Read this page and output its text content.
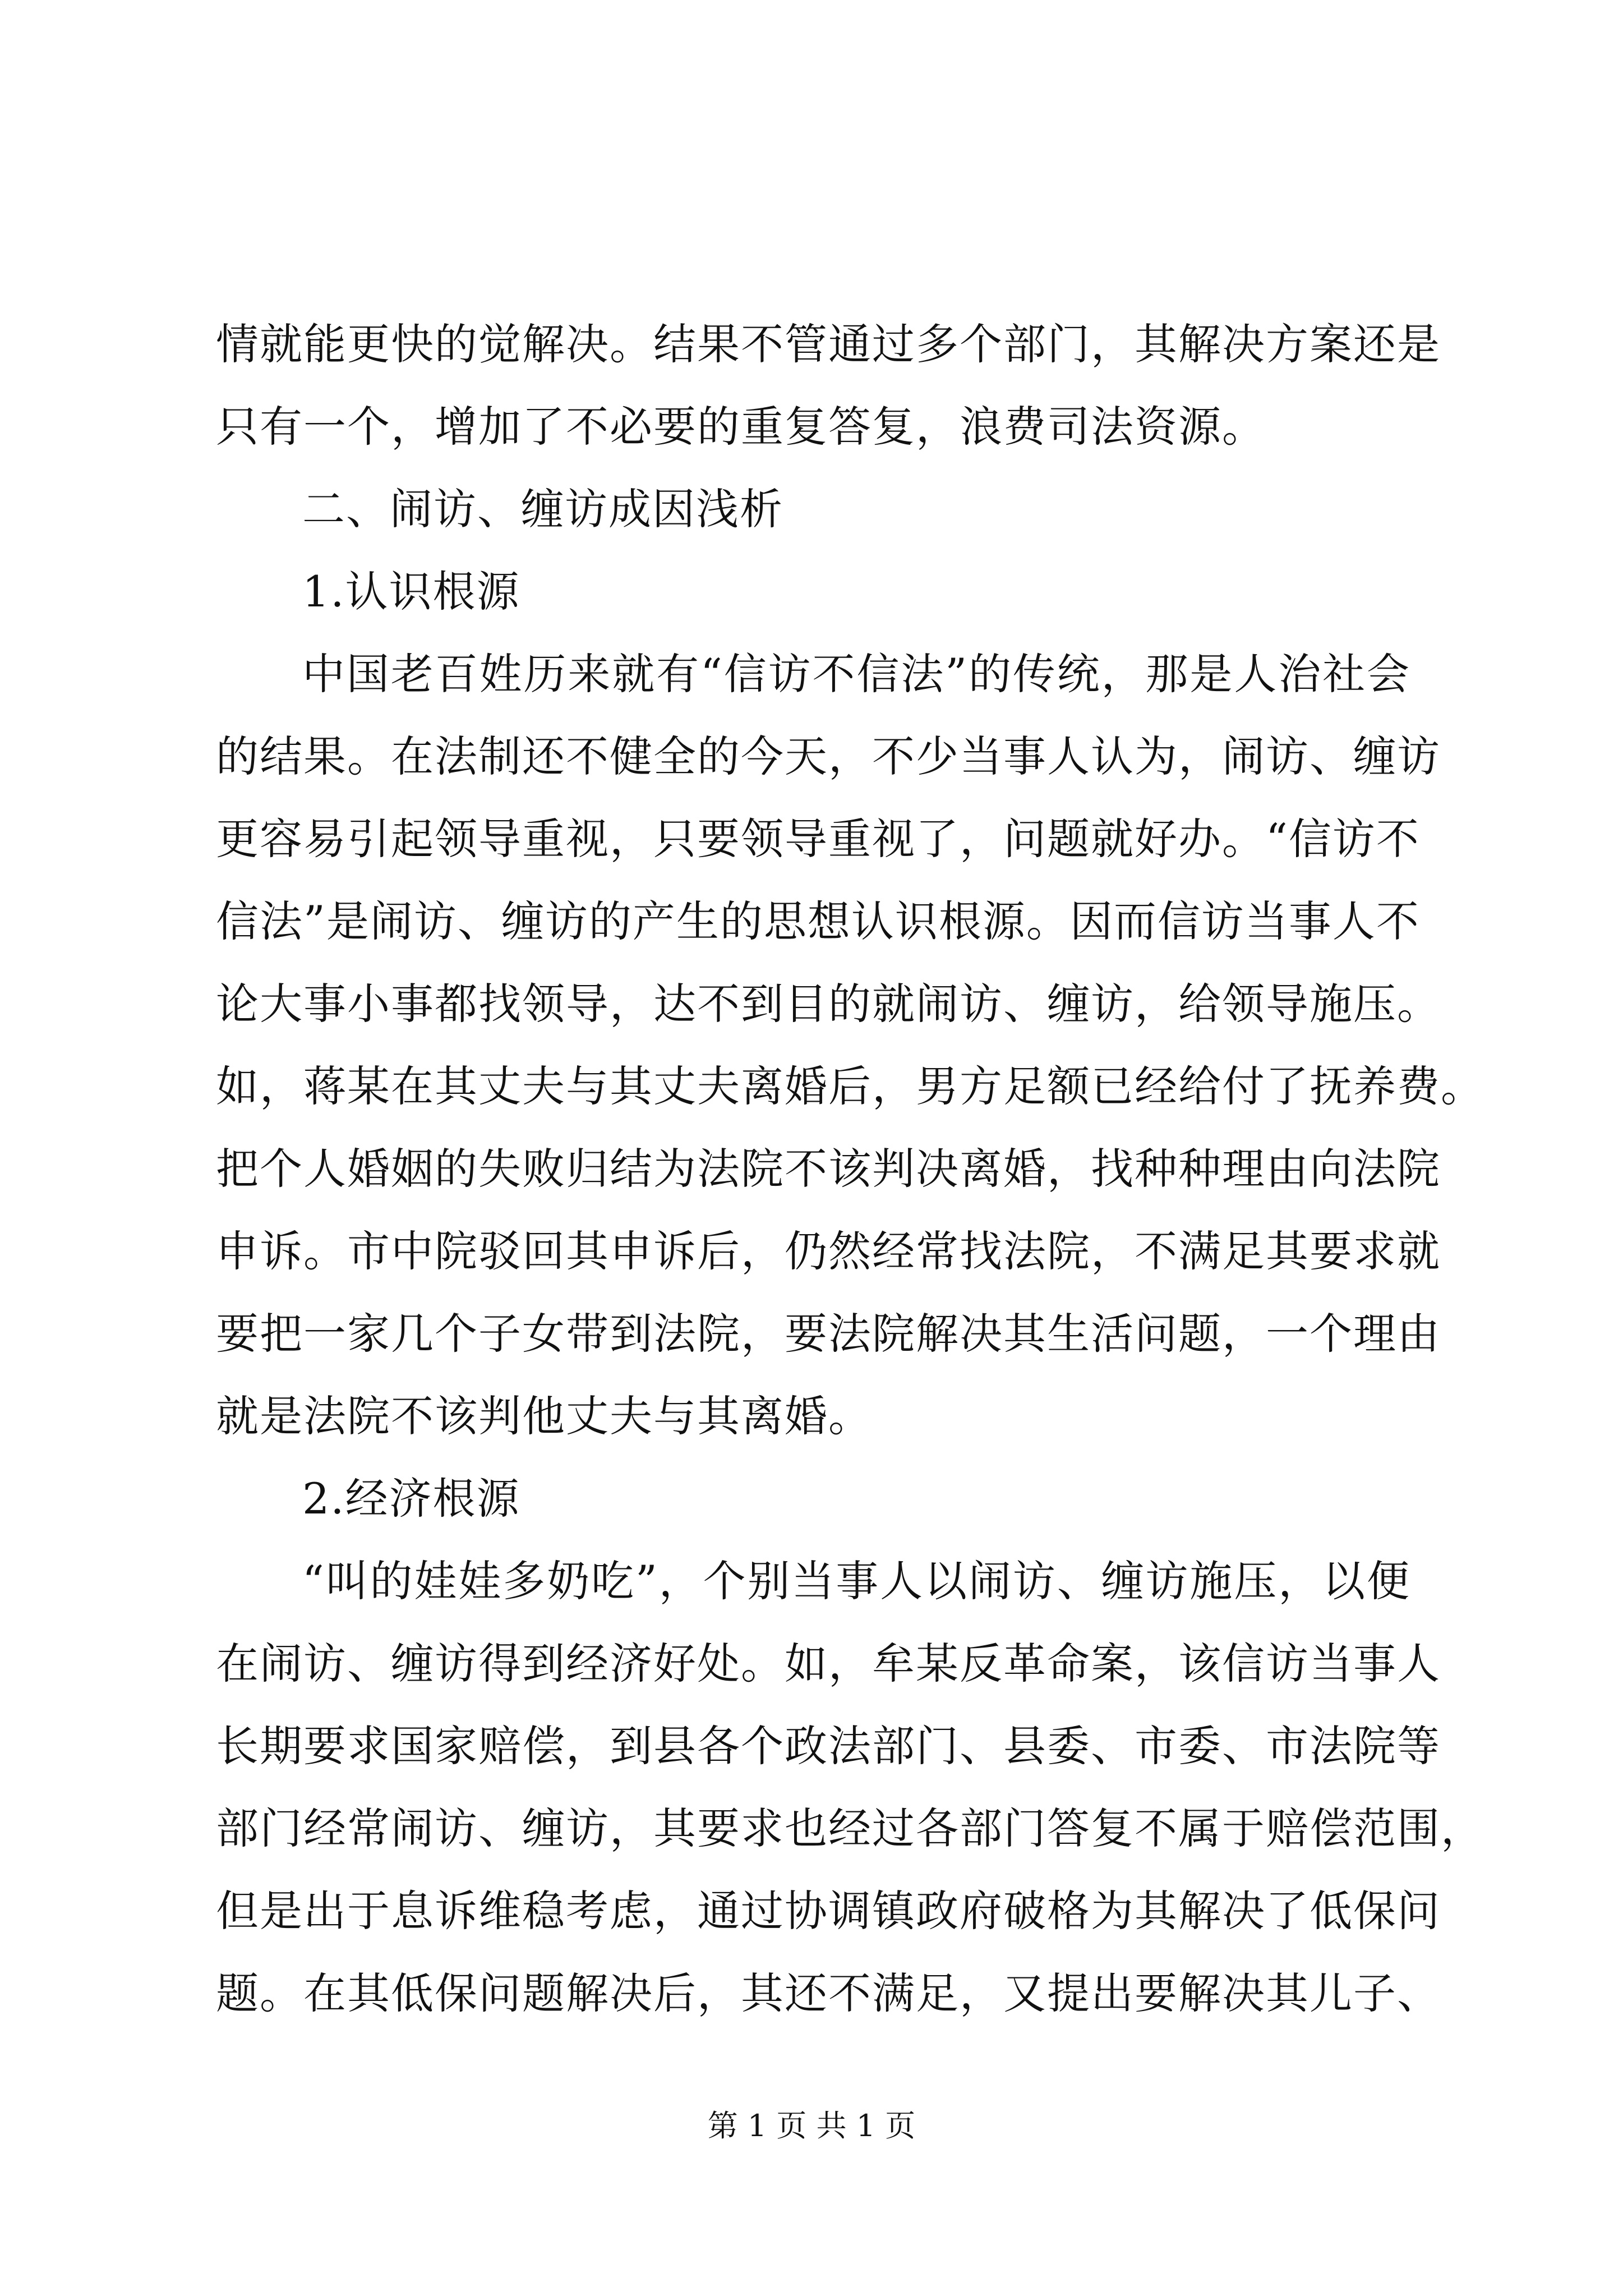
情就能更快的觉解决。结果不管通过多个部门，其解决方案还是
只有一个，增加了不必要的重复答复，浪费司法资源。
二、闹访、缠访成因浅析
1.认识根源
中国老百姓历来就有“信访不信法”的传统，那是人治社会
的结果。在法制还不健全的今天，不少当事人认为，闹访、缠访
更容易引起领导重视，只要领导重视了，问题就好办。“信访不
信法”是闹访、缠访的产生的思想认识根源。因而信访当事人不
论大事小事都找领导，达不到目的就闹访、缠访，给领导施压。
如，蒋某在其丈夫与其丈夫离婚后，男方足额已经给付了抚养费。
把个人婚姻的失败归结为法院不该判决离婚，找种种理由向法院
申诉。市中院驳回其申诉后，仍然经常找法院，不满足其要求就
要把一家几个子女带到法院，要法院解决其生活问题，一个理由
就是法院不该判他丈夫与其离婚。
2.经济根源
“叫的娃娃多奶吃”，个别当事人以闹访、缠访施压，以便
在闹访、缠访得到经济好处。如，牟某反革命案，该信访当事人
长期要求国家赔偿，到县各个政法部门、县委、市委、市法院等
部门经常闹访、缠访，其要求也经过各部门答复不属于赔偿范围，
但是出于息诉维稳考虑，通过协调镇政府破格为其解决了低保问
题。在其低保问题解决后，其还不满足，又提出要解决其儿子、
第 1 页 共 1 页
